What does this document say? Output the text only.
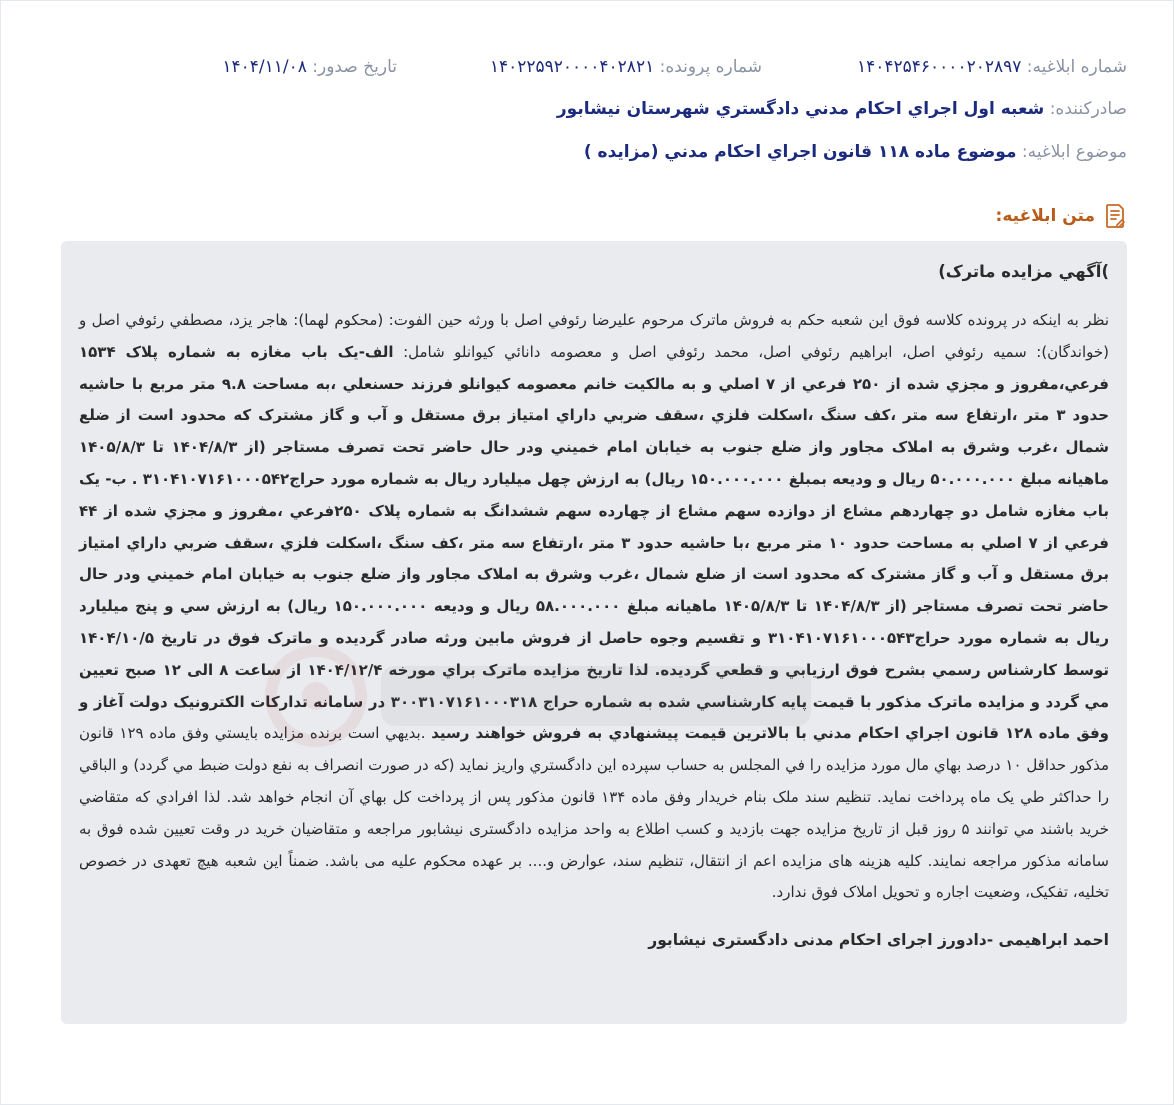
شماره ابلاغیه: ۱۴۰۴۲۵۴۶۰۰۰۰۲۰۲۸۹۷
شماره پرونده: ۱۴۰۲۲۵۹۲۰۰۰۰۴۰۲۸۲۱
تاریخ صدور: ۱۴۰۴/۱۱/۰۸
صادرکننده: شعبه اول اجراي احكام مدني دادگستري شهرستان نيشابور
موضوع ابلاغیه: موضوع ماده ۱۱۸ قانون اجراي احكام مدني (مزايده )
متن ابلاغیه:

)آگهي مزايده ماترک)

نظر به اينكه در پرونده كلاسه فوق اين شعبه حكم به فروش ماترک مرحوم عليرضا رئوفي اصل با ورثه حين الفوت: (محکوم لهما): هاجر يزد، مصطفي رئوفي اصل و (خواندگان): سميه رئوفي اصل، ابراهيم رئوفي اصل، محمد رئوفي اصل و معصومه دانائي كيوانلو شامل: الف-يک باب مغازه به شماره پلاک ۱۵۳۴ فرعي،مفروز و مجزي شده از ۲۵۰ فرعي از ۷ اصلي و به مالكيت خانم معصومه كيوانلو فرزند حسنعلي ،به مساحت ۹.۸ متر مربع با حاشيه حدود ۳ متر ،ارتفاع سه متر ،كف سنگ ،اسكلت فلزي ،سقف ضربي داراي امتياز برق مستقل و آب و گاز مشترک كه محدود است از ضلع شمال ،غرب وشرق به املاک مجاور واز ضلع جنوب به خيابان امام خميني ودر حال حاضر تحت تصرف مستاجر (از ۱۴۰۴/۸/۳ تا ۱۴۰۵/۸/۳ ماهيانه مبلغ ۵۰.۰۰۰.۰۰۰ ريال و وديعه بمبلغ ۱۵۰.۰۰۰.۰۰۰ ريال) به ارزش چهل ميليارد ريال به شماره مورد حراج۳۱۰۴۱۰۷۱۶۱۰۰۰۵۴۲ . ب- يک باب مغازه شامل دو چهاردهم مشاع از دوازده سهم مشاع از چهارده سهم ششدانگ به شماره پلاک ۲۵۰فرعي ،مفروز و مجزي شده از ۴۴ فرعي از ۷ اصلي به مساحت حدود ۱۰ متر مربع ،با حاشيه حدود ۳ متر ،ارتفاع سه متر ،كف سنگ ،اسكلت فلزي ،سقف ضربي داراي امتياز برق مستقل و آب و گاز مشترک كه محدود است از ضلع شمال ،غرب وشرق به املاک مجاور واز ضلع جنوب به خيابان امام خميني ودر حال حاضر تحت تصرف مستاجر (از ۱۴۰۴/۸/۳ تا ۱۴۰۵/۸/۳ ماهيانه مبلغ ۵۸.۰۰۰.۰۰۰ ريال و وديعه ۱۵۰.۰۰۰.۰۰۰ ريال) به ارزش سي و پنج ميليارد ريال به شماره مورد حراج۳۱۰۴۱۰۷۱۶۱۰۰۰۵۴۳ و تقسيم وجوه حاصل از فروش مابين ورثه صادر گرديده و ماترک فوق در تاريخ ۱۴۰۴/۱۰/۵ توسط كارشناس رسمي بشرح فوق ارزيابي و قطعي گرديده. لذا تاريخ مزايده ماترک براي مورخه ۱۴۰۴/۱۲/۴ از ساعت ۸ الی ۱۲ صبح تعيين مي گردد و مزايده ماترک مذكور با قيمت پايه كارشناسي شده به شماره حراج ۳۰۰۳۱۰۷۱۶۱۰۰۰۳۱۸ در سامانه تداركات الكترونيک دولت آغاز و وفق ماده ۱۲۸ قانون اجراي احكام مدني با بالاترين قيمت پيشنهادي به فروش خواهند رسيد .بديهي است برنده مزايده بايستي وفق ماده ۱۲۹ قانون مذكور حداقل ۱۰ درصد بهاي مال مورد مزايده را في المجلس به حساب سپرده اين دادگستري واريز نمايد (كه در صورت انصراف به نفع دولت ضبط مي گردد) و الباقي را حداكثر طي يک ماه پرداخت نمايد. تنظيم سند ملک بنام خريدار وفق ماده ۱۳۴ قانون مذكور پس از پرداخت كل بهاي آن انجام خواهد شد. لذا افرادي كه متقاضي خريد باشند مي توانند ۵ روز قبل از تاريخ مزايده جهت بازديد و کسب اطلاع به واحد مزايده دادگستری نيشابور مراجعه و متقاضيان خريد در وقت تعيين شده فوق به سامانه مذکور مراجعه نمايند. کليه هزينه های مزايده اعم از انتقال، تنظيم سند، عوارض و.... بر عهده محکوم عليه می باشد. ضمناً اين شعبه هيچ تعهدی در خصوص تخليه، تفکيک، وضعيت اجاره و تحويل املاک فوق ندارد.

احمد ابراهيمی -دادورز اجرای احکام مدنی دادگستری نيشابور
